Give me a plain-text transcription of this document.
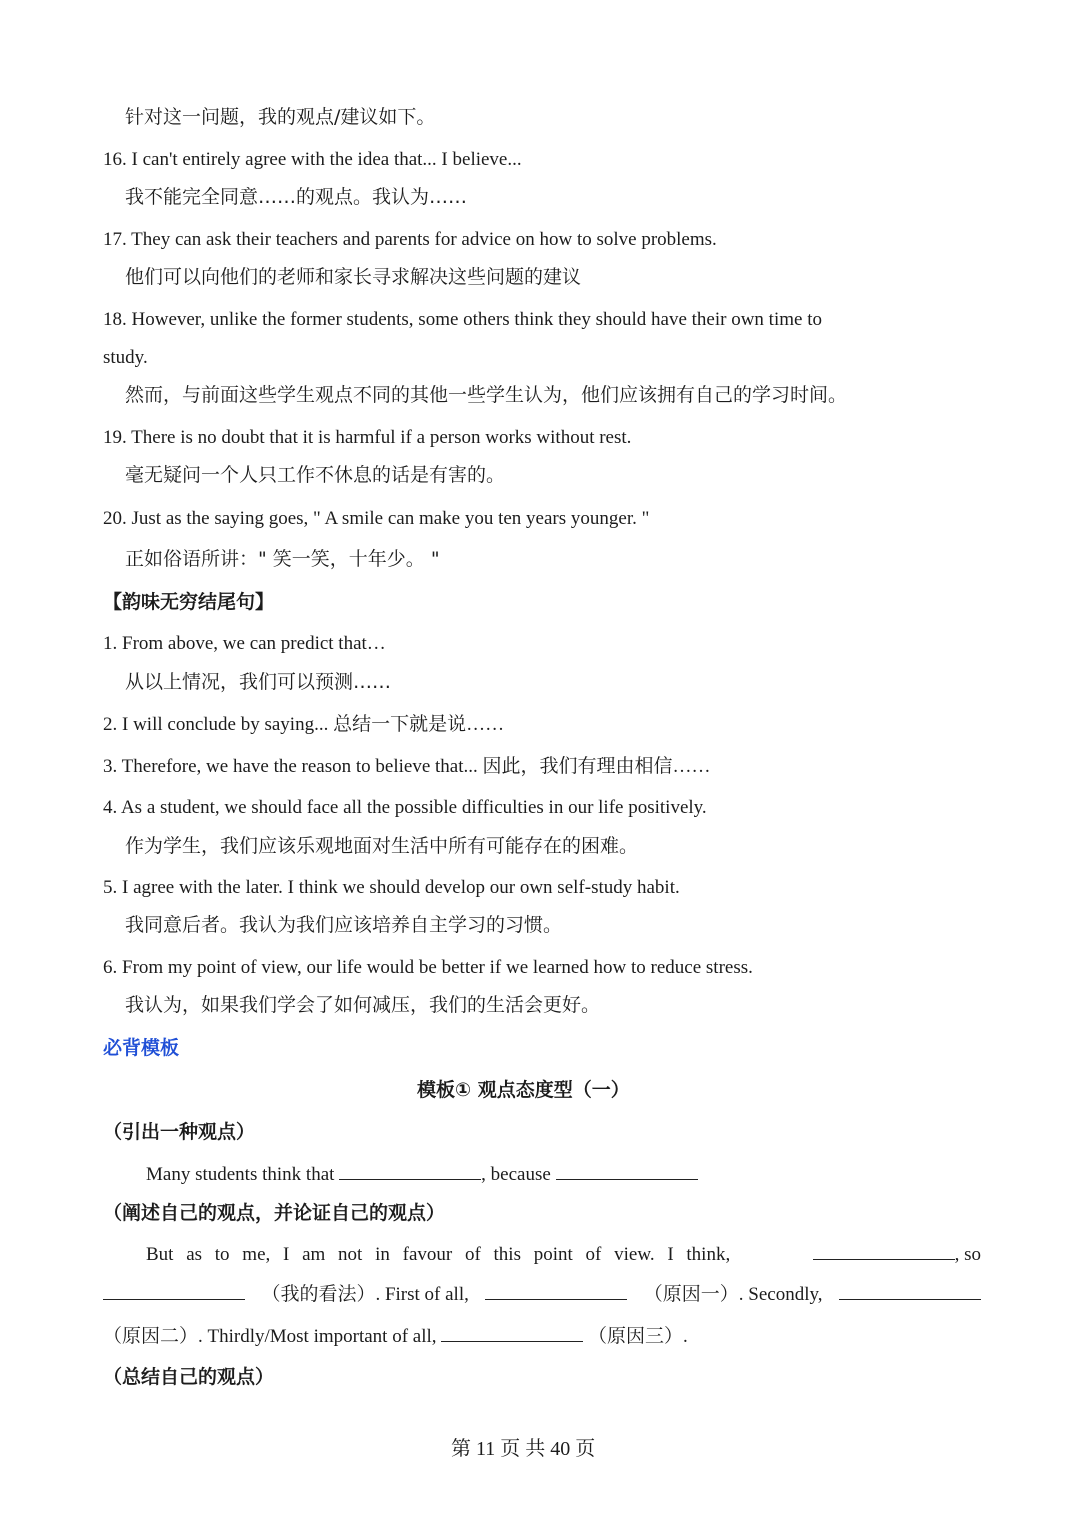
针对这一问题，我的观点/建议如下。
16. I can't entirely agree with the idea that... I believe...
我不能完全同意……的观点。我认为……
17. They can ask their teachers and parents for advice on how to solve problems.
他们可以向他们的老师和家长寻求解决这些问题的建议
18. However, unlike the former students, some others think they should have their own time to
study.
然而，与前面这些学生观点不同的其他一些学生认为，他们应该拥有自己的学习时间。
19. There is no doubt that it is harmful if a person works without rest.
毫无疑问一个人只工作不休息的话是有害的。
20. Just as the saying goes, " A smile can make you ten years younger. "
正如俗语所讲：" 笑一笑，十年少。 "
【韵味无穷结尾句】
1. From above, we can predict that…
从以上情况，我们可以预测……
2. I will conclude by saying... 总结一下就是说……
3. Therefore, we have the reason to believe that... 因此，我们有理由相信……
4. As a student, we should face all the possible difficulties in our life positively.
作为学生，我们应该乐观地面对生活中所有可能存在的困难。
5. I agree with the later. I think we should develop our own self-study habit.
我同意后者。我认为我们应该培养自主学习的习惯。
6. From my point of view, our life would be better if we learned how to reduce stress.
我认为，如果我们学会了如何减压，我们的生活会更好。
必背模板
模板① 观点态度型（一）
（引出一种观点）
Many students think that	, because
（阐述自己的观点，并论证自己的观点）
But as to me, I am not in favour of this point of view. I think,	, so
（我的看法）. First of all,	（原因一）. Secondly,
（原因二）. Thirdly/Most important of all,	（原因三）.
（总结自己的观点）
第 11 页 共 40 页
